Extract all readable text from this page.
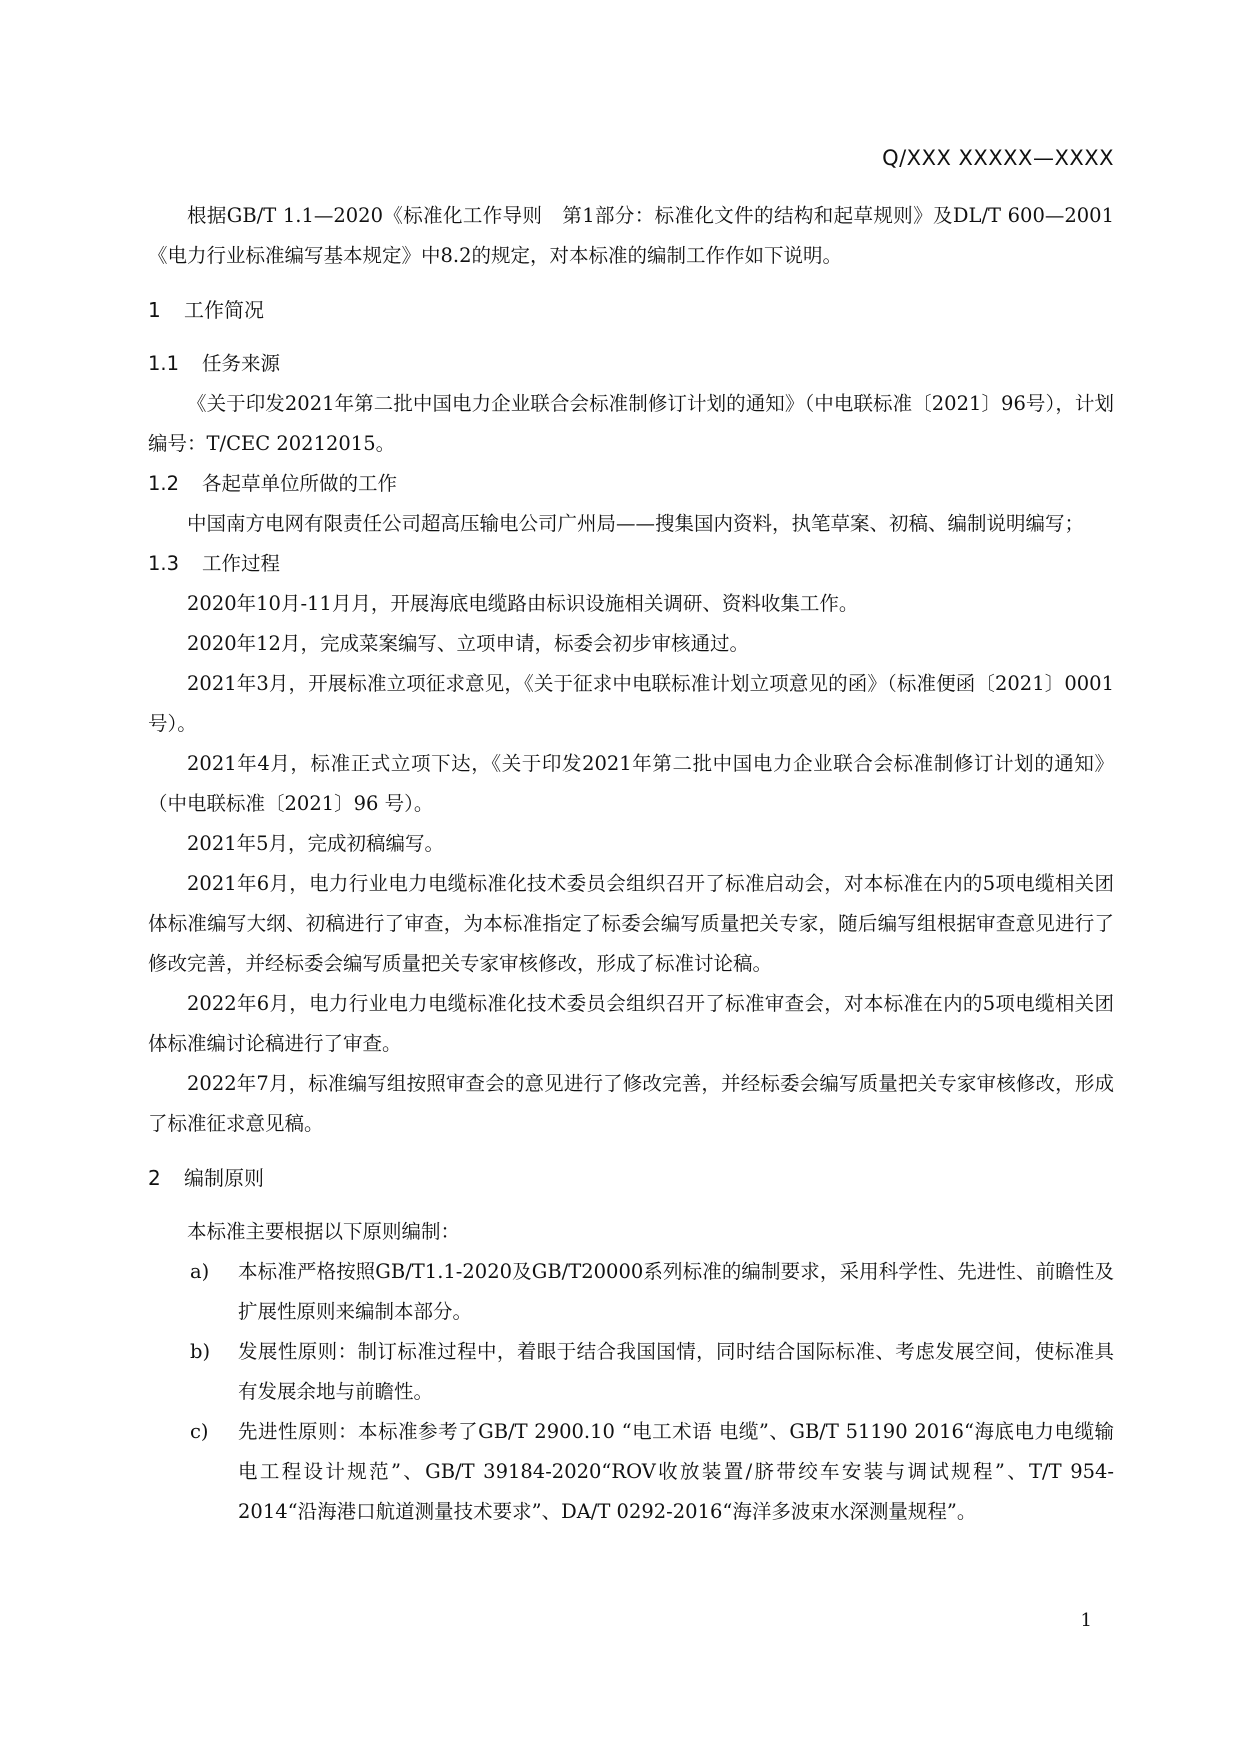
Q/XXX XXXXX—XXXX

根据GB/T 1.1—2020《标准化工作导则　第1部分：标准化文件的结构和起草规则》及DL/T 600—2001《电力行业标准编写基本规定》中8.2的规定，对本标准的编制工作作如下说明。

1 工作简况
1.1 任务来源

《关于印发2021年第二批中国电力企业联合会标准制修订计划的通知》（中电联标准〔2021〕96号），计划编号：T/CEC 20212015。

1.2 各起草单位所做的工作

中国南方电网有限责任公司超高压输电公司广州局——搜集国内资料，执笔草案、初稿、编制说明编写；

1.3 工作过程

2020年10月-11月月，开展海底电缆路由标识设施相关调研、资料收集工作。

2020年12月，完成菜案编写、立项申请，标委会初步审核通过。

2021年3月，开展标准立项征求意见，《关于征求中电联标准计划立项意见的函》（标准便函〔2021〕0001号）。

2021年4月，标准正式立项下达，《关于印发2021年第二批中国电力企业联合会标准制修订计划的通知》（中电联标准〔2021〕96 号）。

2021年5月，完成初稿编写。

2021年6月，电力行业电力电缆标准化技术委员会组织召开了标准启动会，对本标准在内的5项电缆相关团体标准编写大纲、初稿进行了审查，为本标准指定了标委会编写质量把关专家，随后编写组根据审查意见进行了修改完善，并经标委会编写质量把关专家审核修改，形成了标准讨论稿。

2022年6月，电力行业电力电缆标准化技术委员会组织召开了标准审查会，对本标准在内的5项电缆相关团体标准编讨论稿进行了审查。

2022年7月，标准编写组按照审查会的意见进行了修改完善，并经标委会编写质量把关专家审核修改，形成了标准征求意见稿。

2 编制原则

本标准主要根据以下原则编制：

a)	本标准严格按照GB/T1.1-2020及GB/T20000系列标准的编制要求，采用科学性、先进性、前瞻性及扩展性原则来编制本部分。
b)	发展性原则：制订标准过程中，着眼于结合我国国情，同时结合国际标准、考虑发展空间，使标准具有发展余地与前瞻性。
c)	先进性原则：本标准参考了GB/T 2900.10 “电工术语 电缆”、GB/T 51190 2016“海底电力电缆输电工程设计规范”、GB/T 39184-2020“ROV收放装置/脐带绞车安装与调试规程”、T/T 954-2014“沿海港口航道测量技术要求”、DA/T 0292-2016“海洋多波束水深测量规程”。
1
